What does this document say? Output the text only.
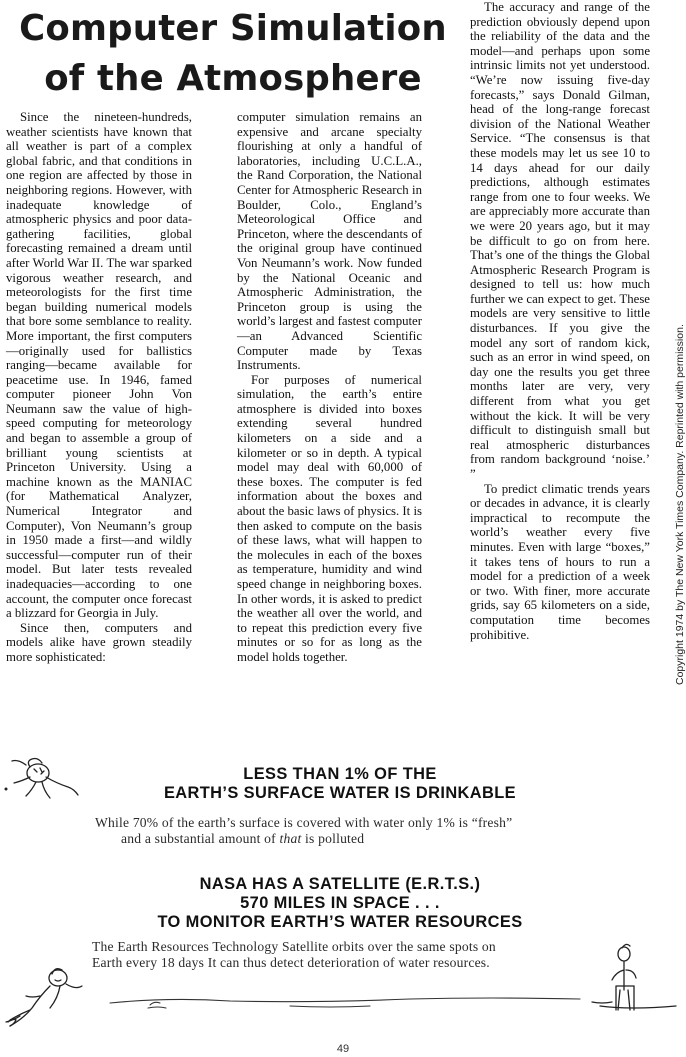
Computer Simulation
of the Atmosphere

Since the nineteen-hundreds, weather scientists have known that all weather is part of a complex global fabric, and that conditions in one region are affected by those in neighboring regions. However, with inadequate knowledge of atmospheric physics and poor data-gathering facilities, global forecasting remained a dream until after World War II. The war sparked vigorous weather research, and meteorologists for the first time began building numerical models that bore some semblance to reality. More important, the first computers—originally used for ballistics ranging—became available for peacetime use. In 1946, famed computer pioneer John Von Neumann saw the value of high-speed computing for meteorology and began to assemble a group of brilliant young scientists at Princeton University. Using a machine known as the MANIAC (for Mathematical Analyzer, Numerical Integrator and Computer), Von Neumann’s group in 1950 made a first—and wildly successful—computer run of their model. But later tests revealed inadequacies—according to one account, the computer once forecast a blizzard for Georgia in July.

Since then, computers and models alike have grown steadily more sophisticated:

computer simulation remains an expensive and arcane specialty flourishing at only a handful of laboratories, including U.C.L.A., the Rand Corporation, the National Center for Atmospheric Research in Boulder, Colo., England’s Meteorological Office and Princeton, where the descendants of the original group have continued Von Neumann’s work. Now funded by the National Oceanic and Atmospheric Administration, the Princeton group is using the world’s largest and fastest computer —an Advanced Scientific Computer made by Texas Instruments.

For purposes of numerical simulation, the earth’s entire atmosphere is divided into boxes extending several hundred kilometers on a side and a kilometer or so in depth. A typical model may deal with 60,000 of these boxes. The computer is fed information about the boxes and about the basic laws of physics. It is then asked to compute on the basis of these laws, what will happen to the molecules in each of the boxes as temperature, humidity and wind speed change in neighboring boxes. In other words, it is asked to predict the weather all over the world, and to repeat this prediction every five minutes or so for as long as the model holds together.

The accuracy and range of the prediction obviously depend upon the reliability of the data and the model—and perhaps upon some intrinsic limits not yet understood. “We’re now issuing five-day forecasts,” says Donald Gilman, head of the long-range forecast division of the National Weather Service. “The consensus is that these models may let us see 10 to 14 days ahead for our daily predictions, although estimates range from one to four weeks. We are appreciably more accurate than we were 20 years ago, but it may be difficult to go on from here. That’s one of the things the Global Atmospheric Research Program is designed to tell us: how much further we can expect to get. These models are very sensitive to little disturbances. If you give the model any sort of random kick, such as an error in wind speed, on day one the results you get three months later are very, very different from what you get without the kick. It will be very difficult to distinguish small but real atmospheric disturbances from random background ‘noise.’ ”

To predict climatic trends years or decades in advance, it is clearly impractical to recompute the world’s weather every five minutes. Even with large “boxes,” it takes tens of hours to run a model for a prediction of a week or two. With finer, more accurate grids, say 65 kilometers on a side, computation time becomes prohibitive.	Copyright 1974 by The New York Times Company. Reprinted with permission.
LESS THAN 1% OF THE
EARTH’S SURFACE WATER IS DRINKABLE
While 70% of the earth’s surface is covered with water only 1% is “fresh”
and a substantial amount of that is polluted
NASA HAS A SATELLITE (E.R.T.S.)
570 MILES IN SPACE . . .
TO MONITOR EARTH’S WATER RESOURCES
The Earth Resources Technology Satellite orbits over the same spots on
Earth every 18 days It can thus detect deterioration of water resources.
49
